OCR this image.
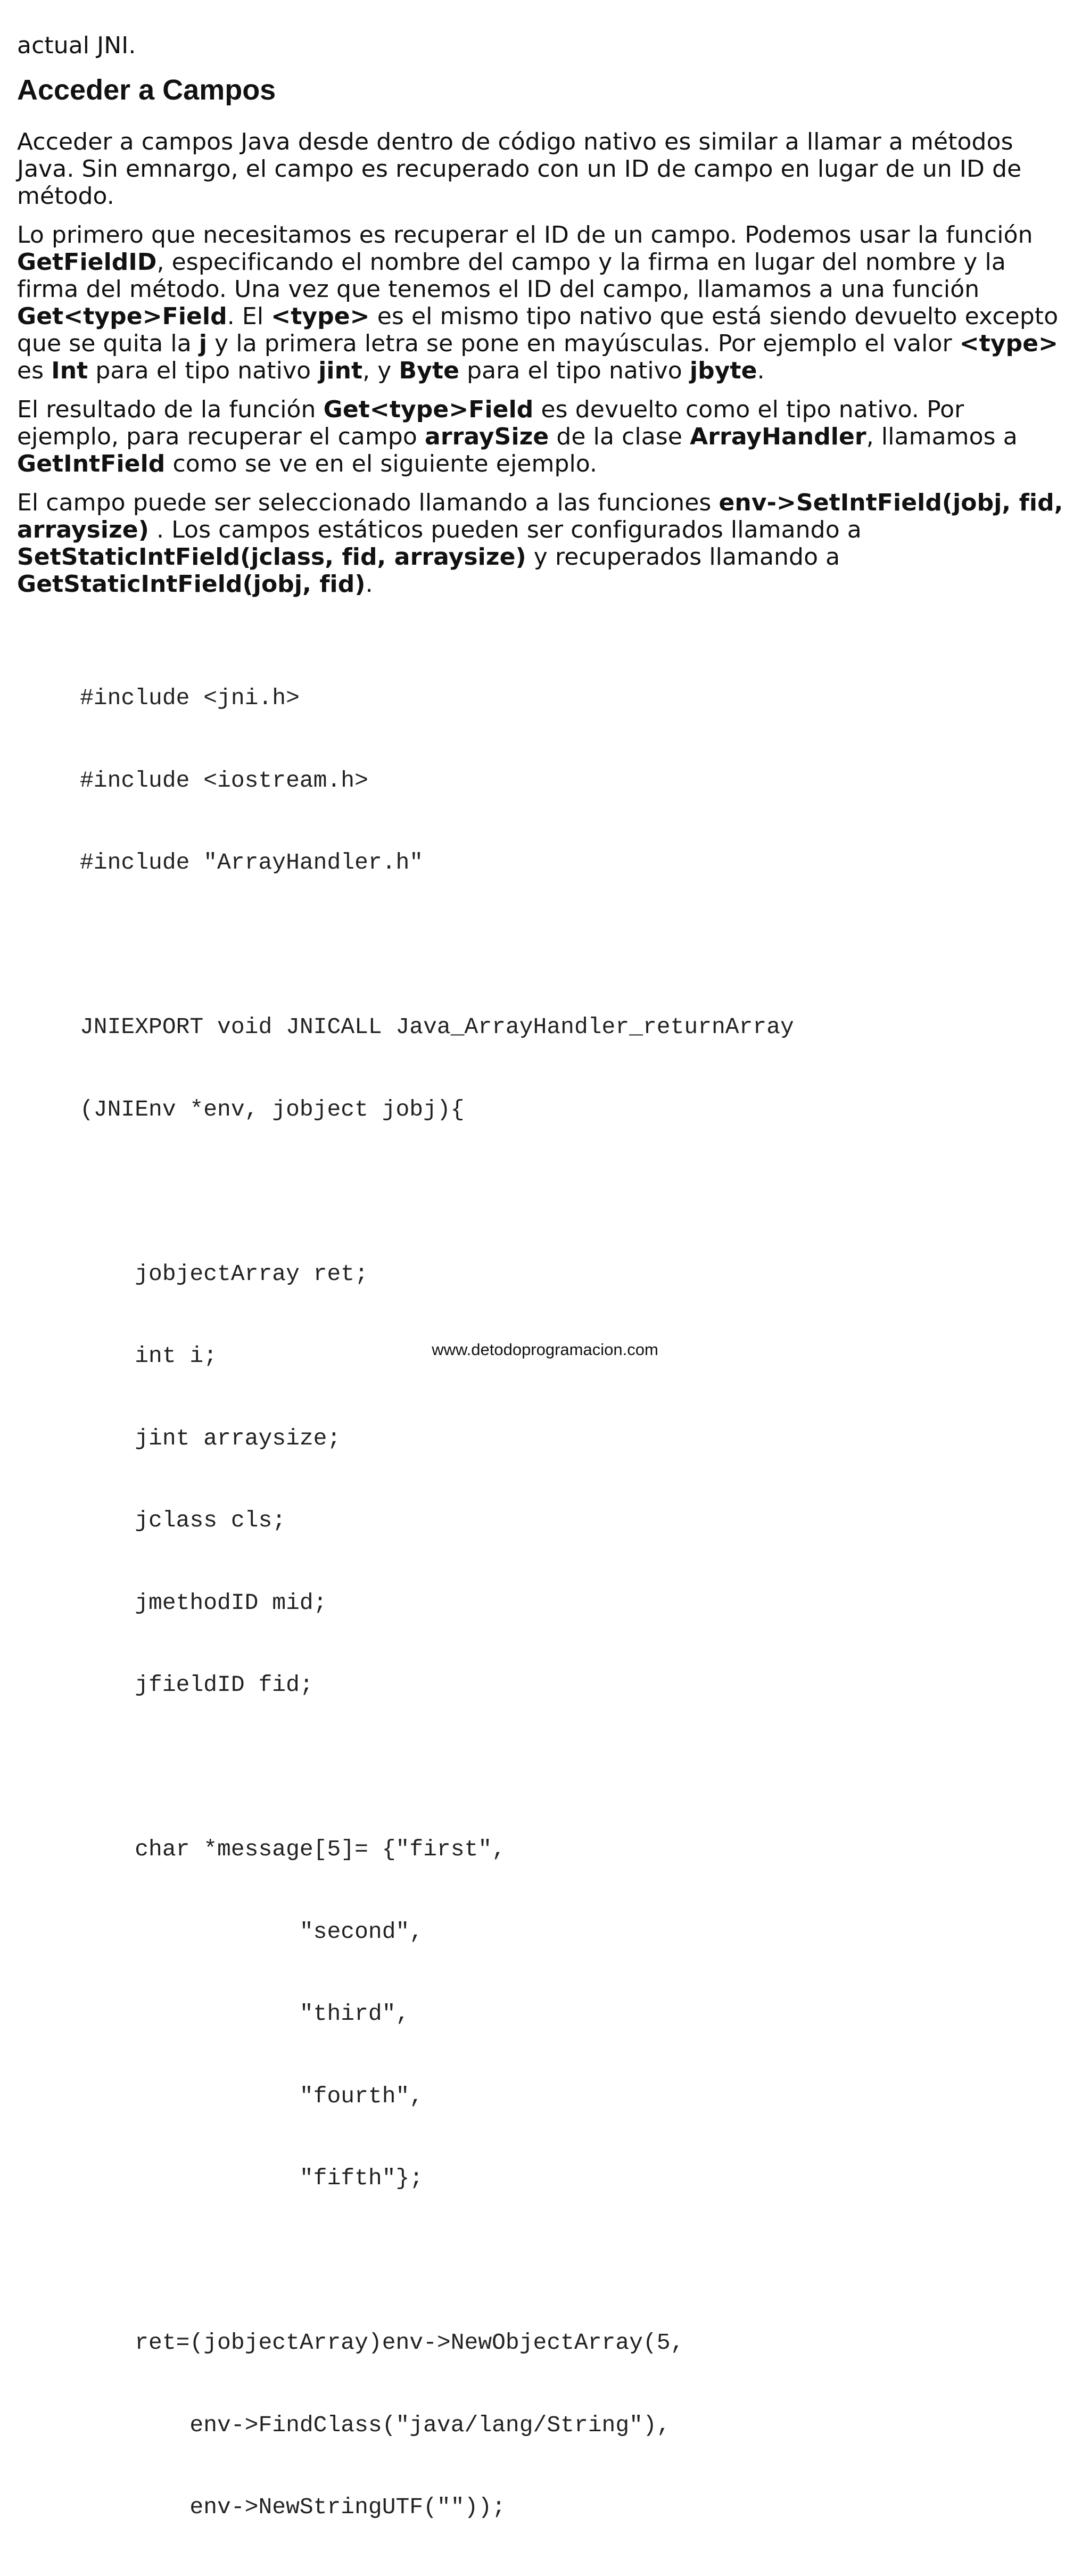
actual JNI.

Acceder a Campos

Acceder a campos Java desde dentro de código nativo es similar a llamar a métodos Java. Sin emnargo, el campo es recuperado con un ID de campo en lugar de un ID de método.

Lo primero que necesitamos es recuperar el ID de un campo. Podemos usar la función GetFieldID, especificando el nombre del campo y la firma en lugar del nombre y la firma del método. Una vez que tenemos el ID del campo, llamamos a una función Get<type>Field. El <type> es el mismo tipo nativo que está siendo devuelto excepto que se quita la j y la primera letra se pone en mayúsculas. Por ejemplo el valor <type> es Int para el tipo nativo jint, y Byte para el tipo nativo jbyte.

El resultado de la función Get<type>Field es devuelto como el tipo nativo. Por ejemplo, para recuperar el campo arraySize de la clase ArrayHandler, llamamos a GetIntField como se ve en el siguiente ejemplo.

El campo puede ser seleccionado llamando a las funciones env->SetIntField(jobj, fid, arraysize) . Los campos estáticos pueden ser configurados llamando a SetStaticIntField(jclass, fid, arraysize) y recuperados llamando a GetStaticIntField(jobj, fid).

#include <jni.h>

#include <iostream.h>

#include "ArrayHandler.h"

JNIEXPORT void JNICALL Java_ArrayHandler_returnArray

(JNIEnv *env, jobject jobj){

jobjectArray ret;

int i;

jint arraysize;

jclass cls;

jmethodID mid;

jfieldID fid;

char *message[5]= {"first",

"second",

"third",

"fourth",

"fifth"};

ret=(jobjectArray)env->NewObjectArray(5,

env->FindClass("java/lang/String"),

env->NewStringUTF(""));

www.detodoprogramacion.com
